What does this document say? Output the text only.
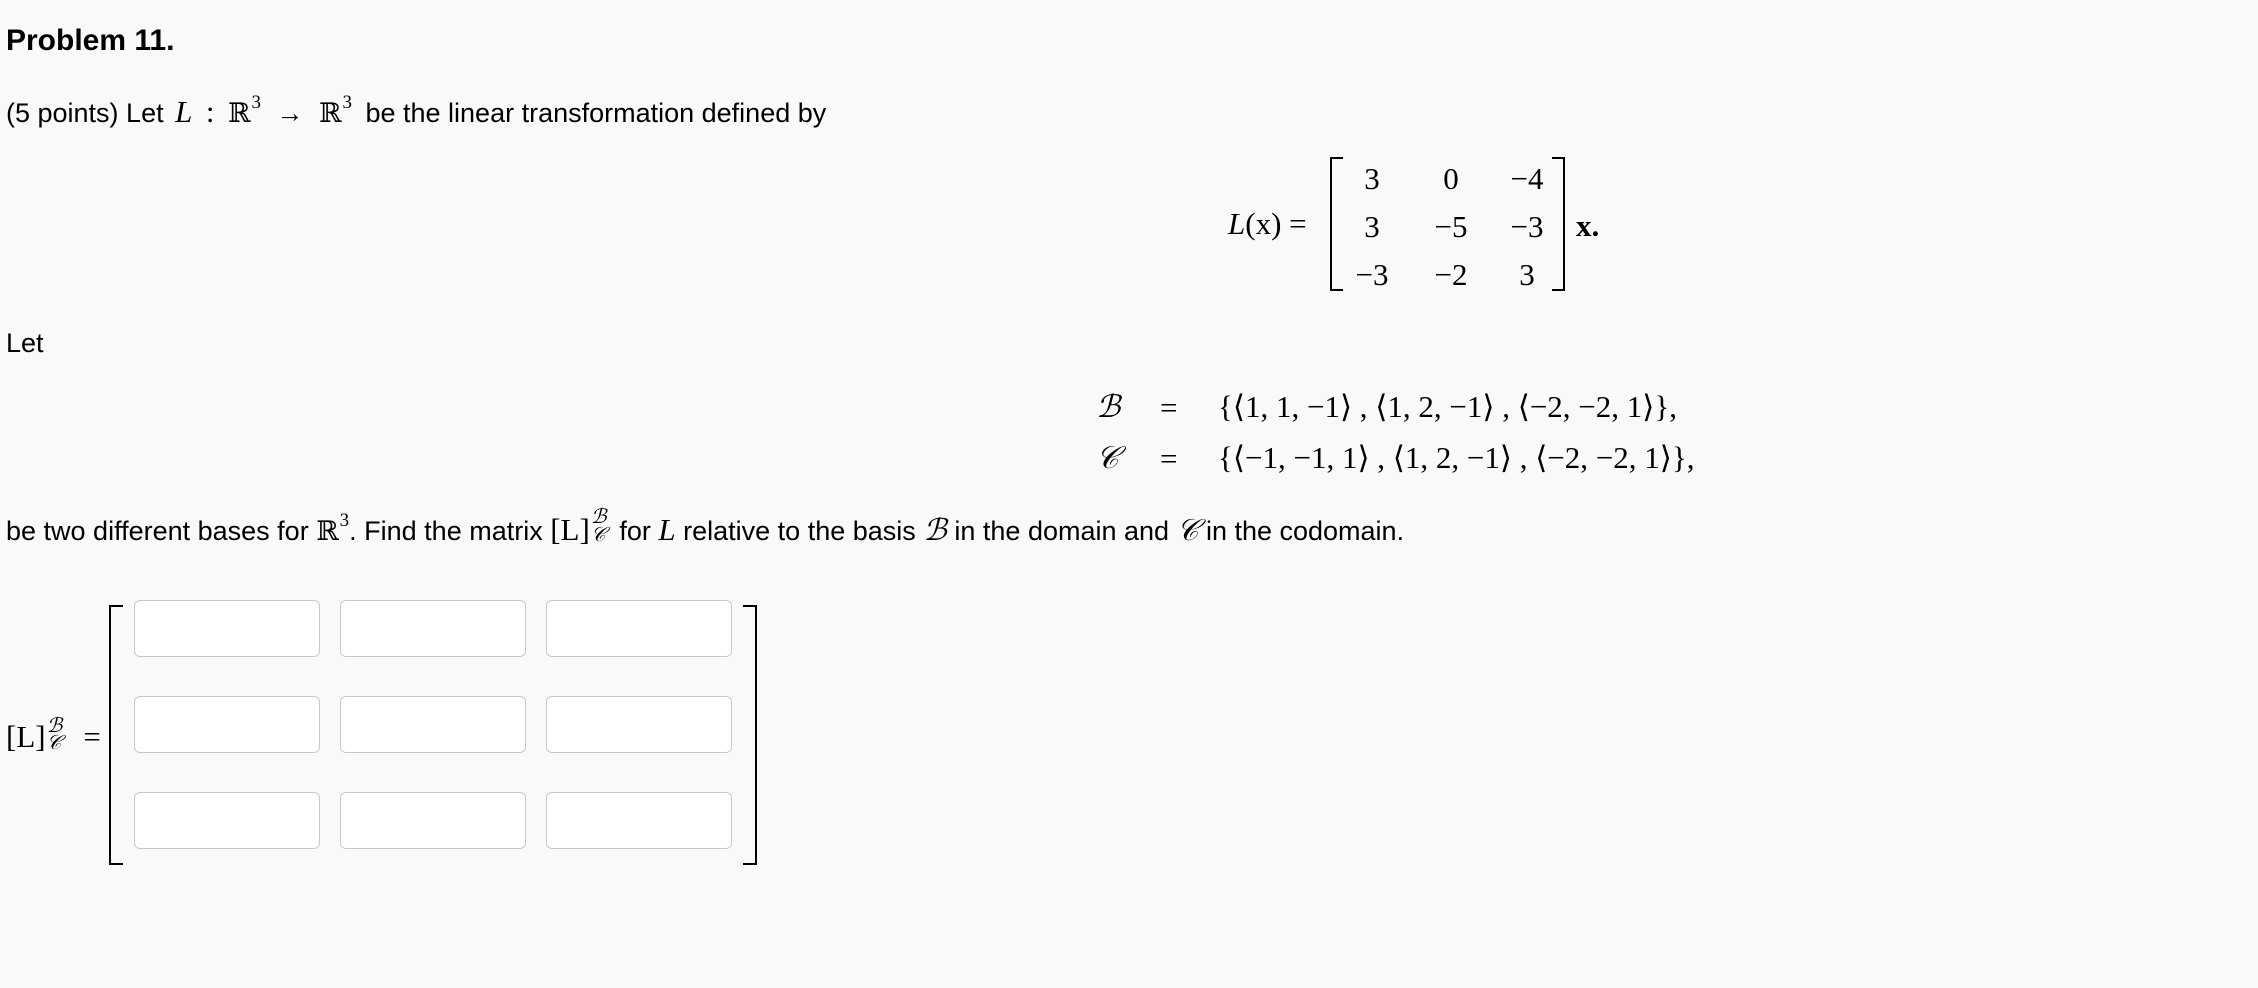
Problem 11.
(5 points) Let L : ℝ$^3$ → ℝ$^3$ be the linear transformation defined by
L(x) =
3	0	−4
3	−5	−3
−3	−2	3
x.
Let
ℬ = {⟨1, 1, −1⟩ , ⟨1, 2, −1⟩ , ⟨−2, −2, 1⟩},
𝒞 = {⟨−1, −1, 1⟩ , ⟨1, 2, −1⟩ , ⟨−2, −2, 1⟩},
be two different bases for ℝ$^3$. Find the matrix [L] ℬ
𝒞 for L relative to the basis ℬ in the domain and 𝒞 in the codomain.
[L] ℬ
𝒞 =
